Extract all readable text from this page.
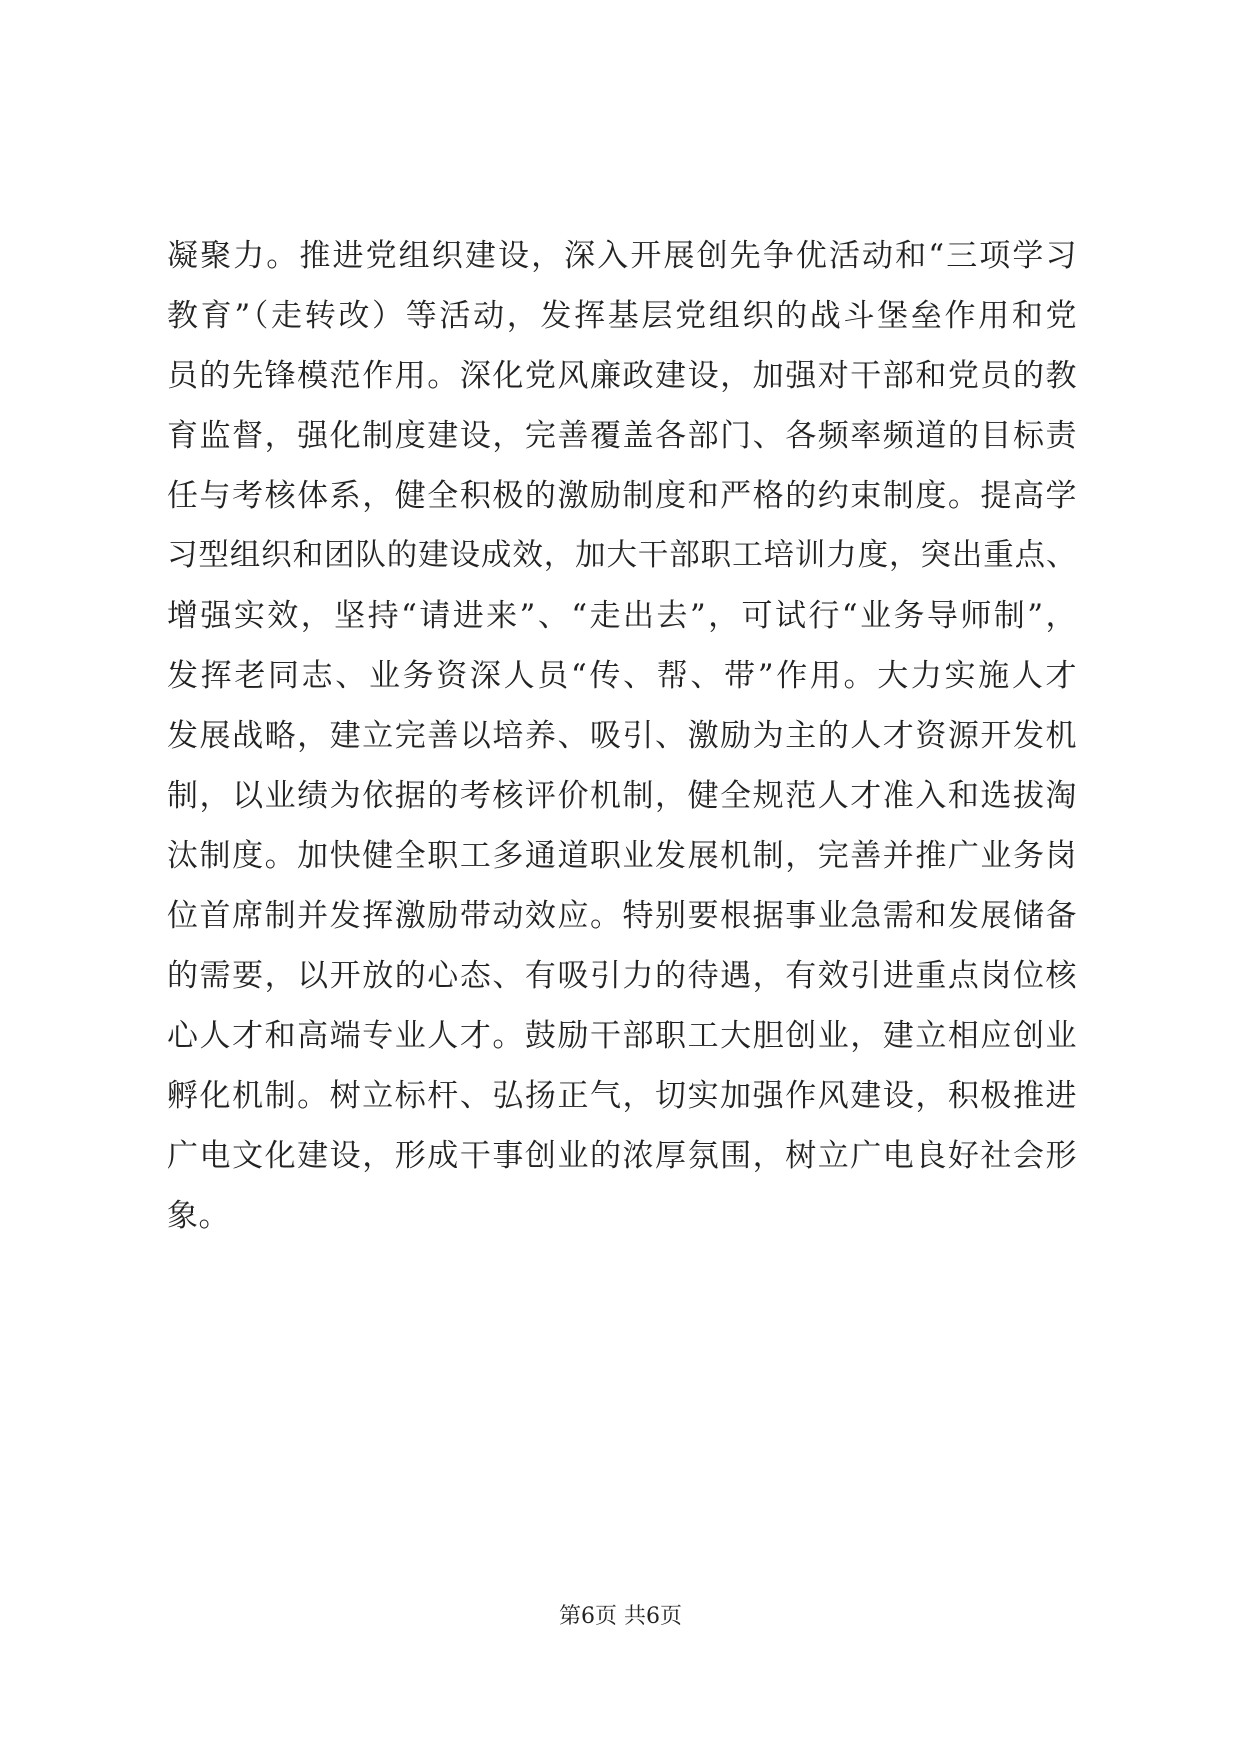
凝聚力。推进党组织建设，深入开展创先争优活动和“三项学习
教育”（走转改）等活动，发挥基层党组织的战斗堡垒作用和党
员的先锋模范作用。深化党风廉政建设，加强对干部和党员的教
育监督，强化制度建设，完善覆盖各部门、各频率频道的目标责
任与考核体系，健全积极的激励制度和严格的约束制度。提高学
习型组织和团队的建设成效，加大干部职工培训力度，突出重点、
增强实效，坚持“请进来”、“走出去”，可试行“业务导师制”，
发挥老同志、业务资深人员“传、帮、带”作用。大力实施人才
发展战略，建立完善以培养、吸引、激励为主的人才资源开发机
制，以业绩为依据的考核评价机制，健全规范人才准入和选拔淘
汰制度。加快健全职工多通道职业发展机制，完善并推广业务岗
位首席制并发挥激励带动效应。特别要根据事业急需和发展储备
的需要，以开放的心态、有吸引力的待遇，有效引进重点岗位核
心人才和高端专业人才。鼓励干部职工大胆创业，建立相应创业
孵化机制。树立标杆、弘扬正气，切实加强作风建设，积极推进
广电文化建设，形成干事创业的浓厚氛围，树立广电良好社会形
象。
第6页 共6页
